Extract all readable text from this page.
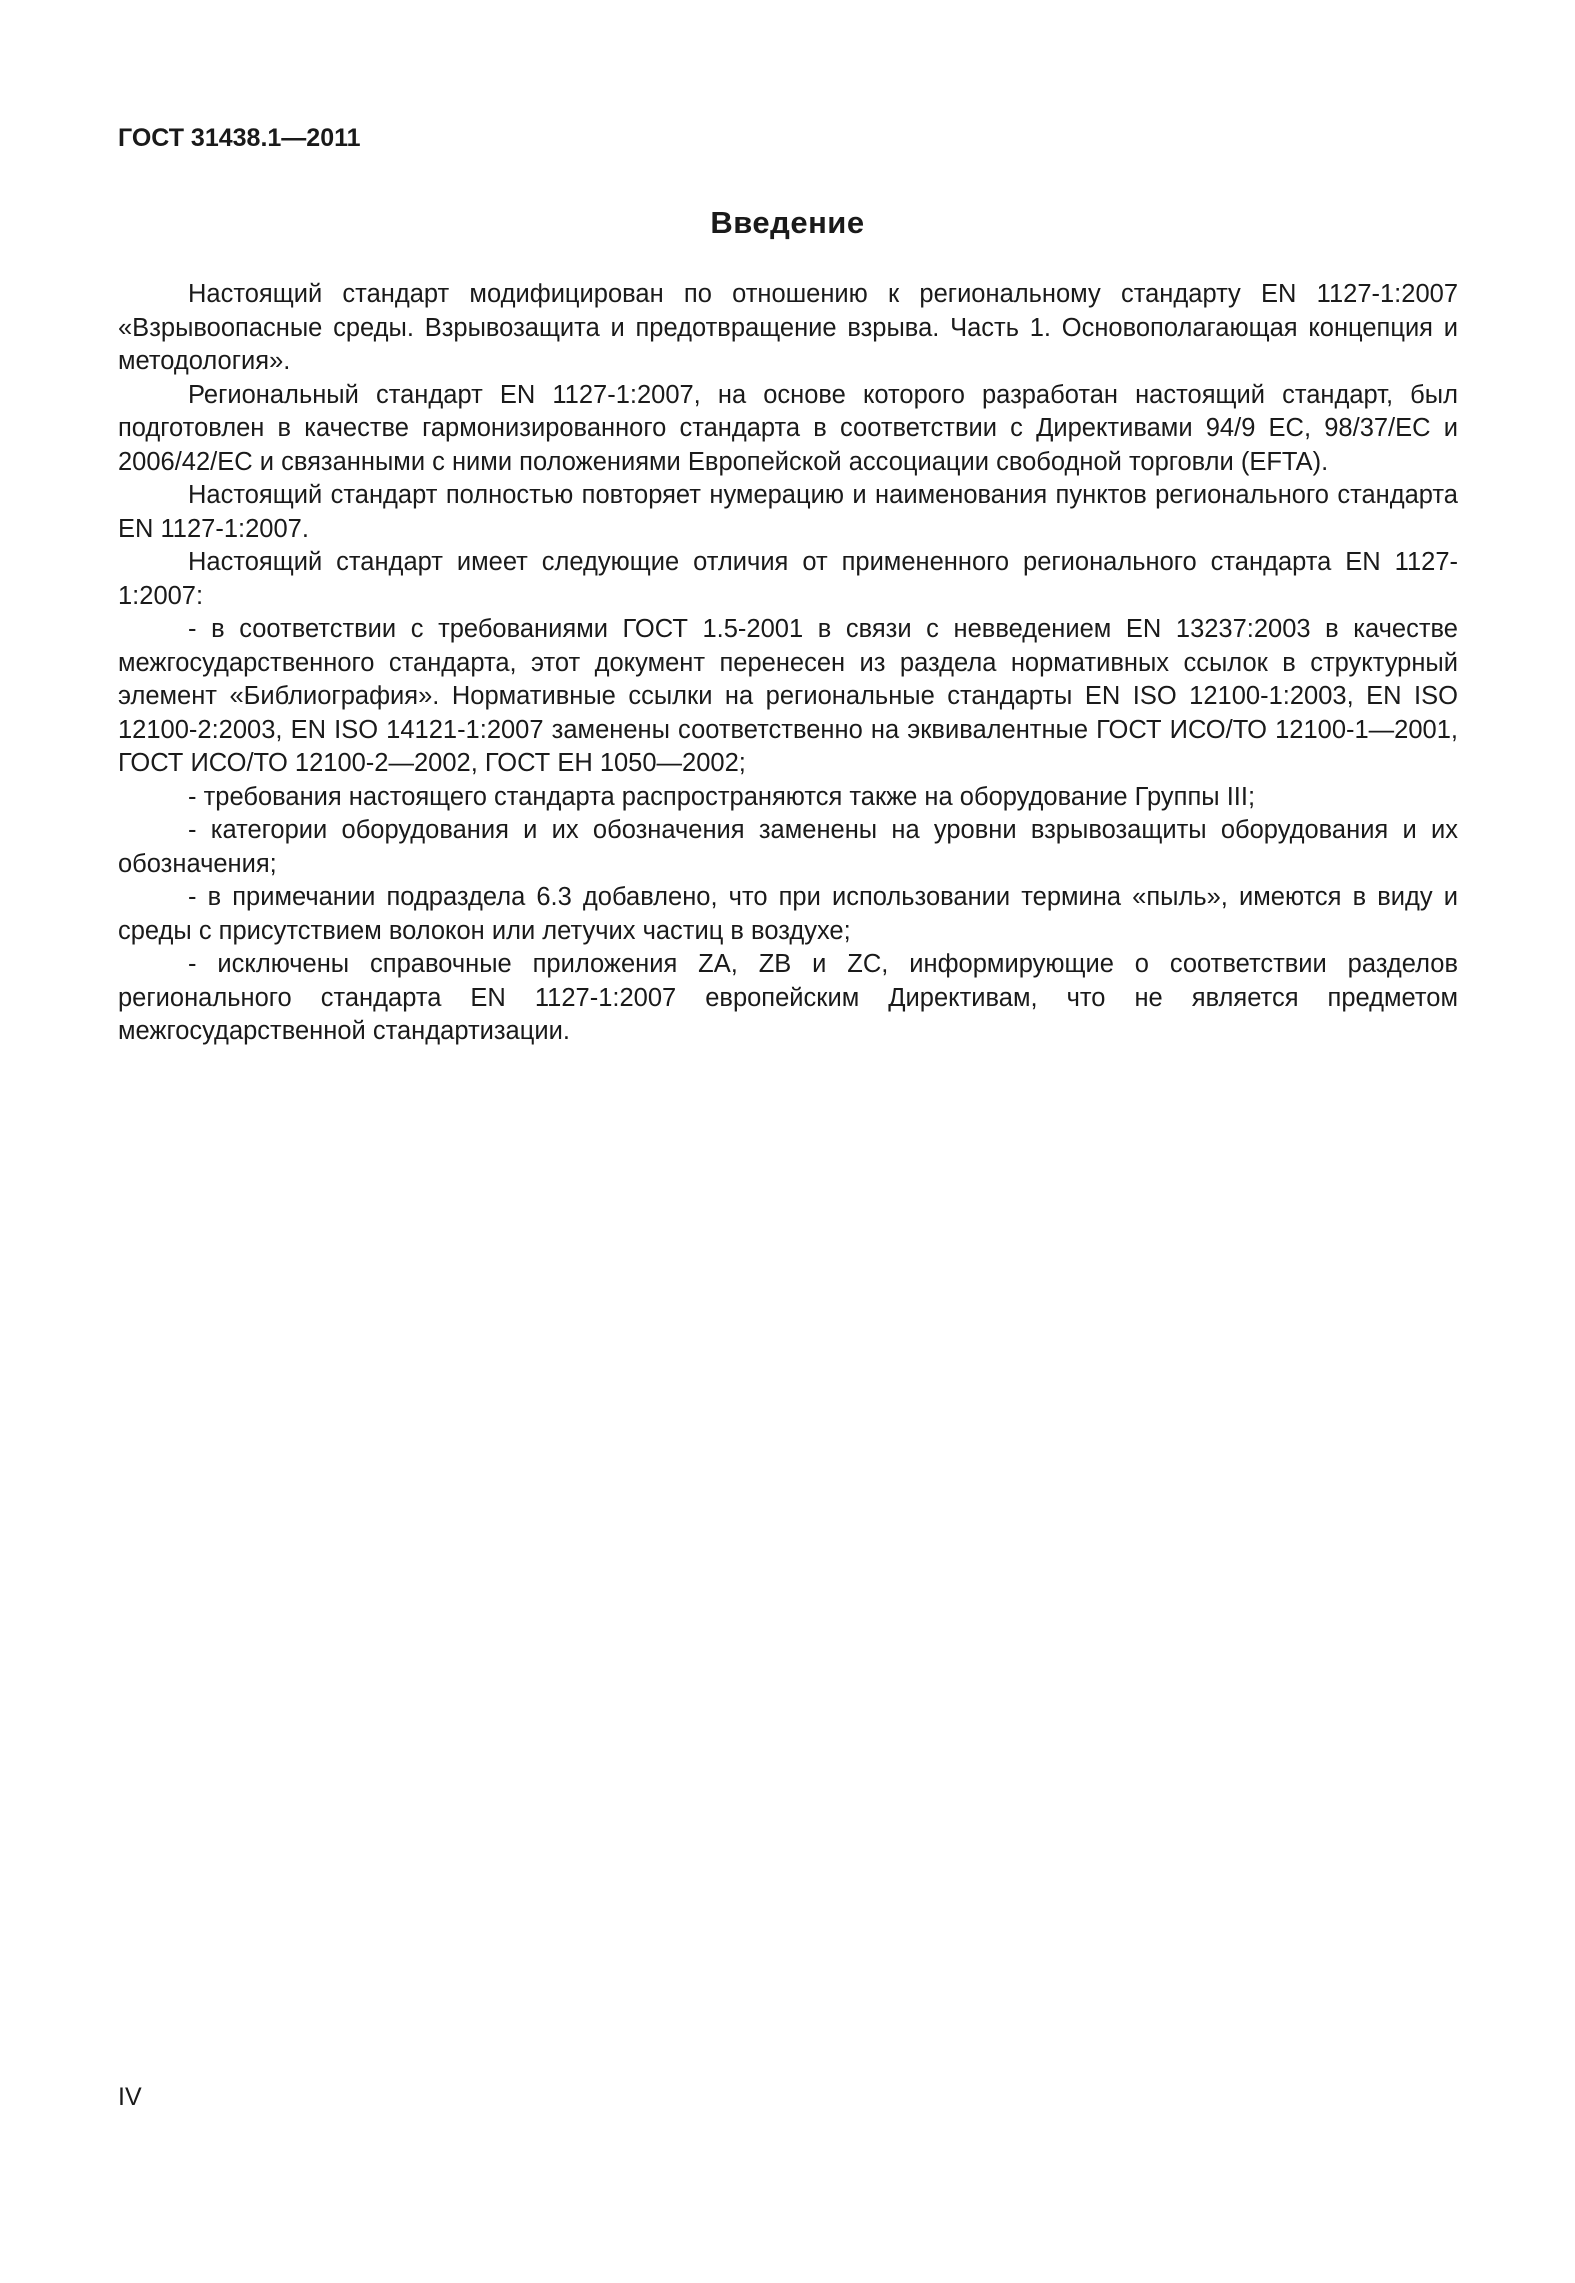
ГОСТ 31438.1—2011
Введение

Настоящий стандарт модифицирован по отношению к региональному стандарту EN 1127-1:2007 «Взрывоопасные среды. Взрывозащита и предотвращение взрыва. Часть 1. Основополагающая концепция и методология».

Региональный стандарт EN 1127-1:2007, на основе которого разработан настоящий стандарт, был подготовлен в качестве гармонизированного стандарта в соответствии с Директивами 94/9 ЕС, 98/37/ЕС и 2006/42/ЕС и связанными с ними положениями Европейской ассоциации свободной торговли (EFTA).

Настоящий стандарт полностью повторяет нумерацию и наименования пунктов регионального стандарта EN 1127-1:2007.

Настоящий стандарт имеет следующие отличия от примененного регионального стандарта EN 1127-1:2007:

- в соответствии с требованиями ГОСТ 1.5-2001 в связи с невведением EN 13237:2003 в качестве межгосударственного стандарта, этот документ перенесен из раздела нормативных ссылок в структурный элемент «Библиография». Нормативные ссылки на региональные стандарты EN ISO 12100-1:2003, EN ISO 12100-2:2003, EN ISO 14121-1:2007 заменены соответственно на эквивалентные ГОСТ ИСО/ТО 12100-1—2001, ГОСТ ИСО/ТО 12100-2—2002, ГОСТ ЕН 1050—2002;

- требования настоящего стандарта распространяются также на оборудование Группы III;

- категории оборудования и их обозначения заменены на уровни взрывозащиты оборудования и их обозначения;

- в примечании подраздела 6.3 добавлено, что при использовании термина «пыль», имеются в виду и среды с присутствием волокон или летучих частиц в воздухе;

- исключены справочные приложения ZA, ZB и ZC, информирующие о соответствии разделов регионального стандарта EN 1127-1:2007 европейским Директивам, что не является предметом межгосударственной стандартизации.

IV
